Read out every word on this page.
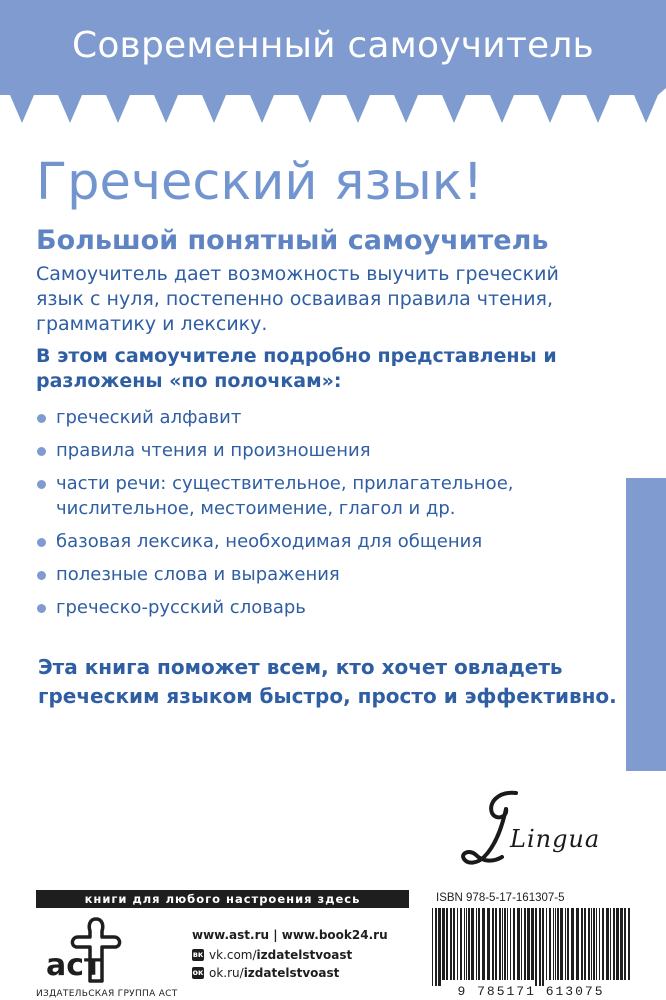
Современный самоучитель
Греческий язык!
Большой понятный самоучитель

Самоучитель дает возможность выучить греческий язык с нуля, постепенно осваивая правила чтения, грамматику и лексику.

В этом самоучителе подробно представлены и разложены «по полочкам»:

греческий алфавит
правила чтения и произношения
части речи: существительное, прилагательное, числительное, местоимение, глагол и др.
базовая лексика, необходимая для общения
полезные слова и выражения
греческо-русский словарь

Эта книга поможет всем, кто хочет овладеть греческим языком быстро, просто и эффективно.

Lingua
книги для любого настроения здесь
аст
ИЗДАТЕЛЬСКАЯ ГРУППА АСТ
www.ast.ru | www.book24.ru
вк vk.com/ izdatelstvoast
ок ok.ru/ izdatelstvoast
ISBN 978-5-17-161307-5
9 785171 613075
